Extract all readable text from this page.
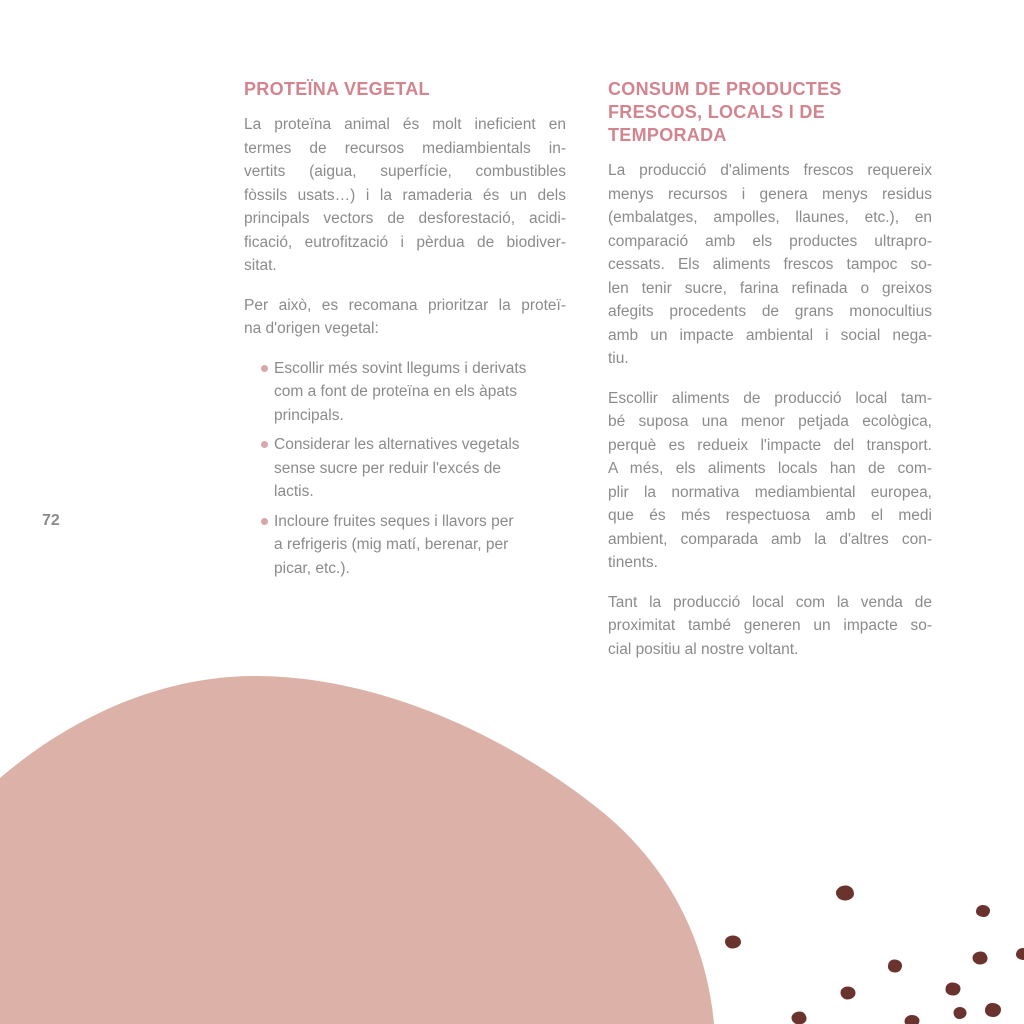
72
PROTEÏNA VEGETAL
La proteïna animal és molt ineficient en
termes de recursos mediambientals in-
vertits (aigua, superfície, combustibles
fòssils usats…) i la ramaderia és un dels
principals vectors de desforestació, acidi-
ficació, eutrofització i pèrdua de biodiver-
sitat.
Per això, es recomana prioritzar la proteï-
na d'origen vegetal:
Escollir més sovint llegums i derivats
com a font de proteïna en els àpats
principals.
Considerar les alternatives vegetals
sense sucre per reduir l'excés de
lactis.
Incloure fruites seques i llavors per
a refrigeris (mig matí, berenar, per
picar, etc.).
CONSUM DE PRODUCTES
FRESCOS, LOCALS I DE
TEMPORADA
La producció d'aliments frescos requereix
menys recursos i genera menys residus
(embalatges, ampolles, llaunes, etc.), en
comparació amb els productes ultrapro-
cessats. Els aliments frescos tampoc so-
len tenir sucre, farina refinada o greixos
afegits procedents de grans monocultius
amb un impacte ambiental i social nega-
tiu.
Escollir aliments de producció local tam-
bé suposa una menor petjada ecològica,
perquè es redueix l'impacte del transport.
A més, els aliments locals han de com-
plir la normativa mediambiental europea,
que és més respectuosa amb el medi
ambient, comparada amb la d'altres con-
tinents.
Tant la producció local com la venda de
proximitat també generen un impacte so-
cial positiu al nostre voltant.
